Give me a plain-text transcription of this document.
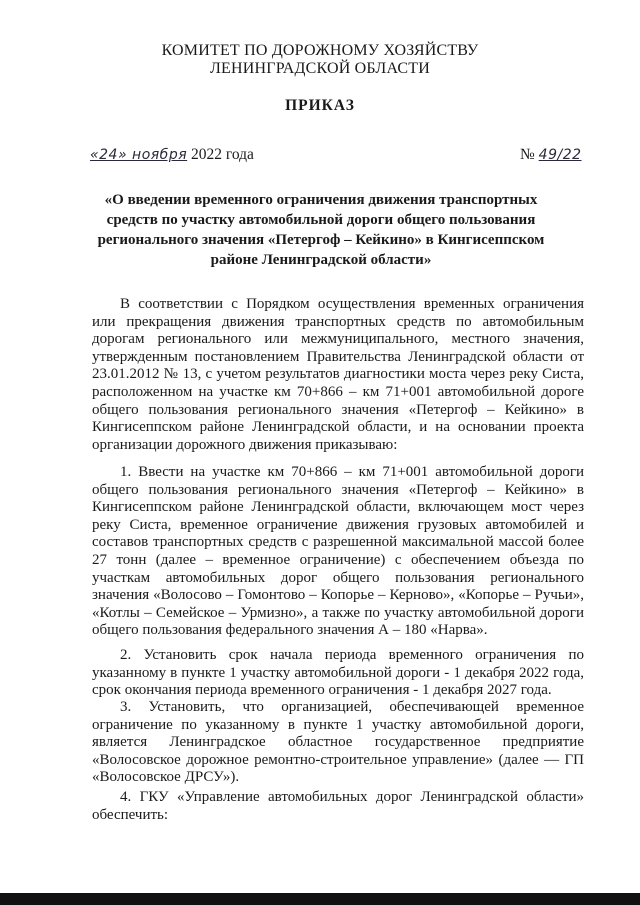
КОМИТЕТ ПО ДОРОЖНОМУ ХОЗЯЙСТВУ
ЛЕНИНГРАДСКОЙ ОБЛАСТИ
ПРИКАЗ
«24» ноября 2022 года	№ 49/22
«О введении временного ограничения движения транспортных средств по участку автомобильной дороги общего пользования регионального значения «Петергоф – Кейкино» в Кингисеппском районе Ленинградской области»
В соответствии с Порядком осуществления временных ограничения или прекращения движения транспортных средств по автомобильным дорогам регионального или межмуниципального, местного значения, утвержденным постановлением Правительства Ленинградской области от 23.01.2012 № 13, с учетом результатов диагностики моста через реку Систа, расположенном на участке км 70+866 – км 71+001 автомобильной дороге общего пользования регионального значения «Петергоф – Кейкино» в Кингисеппском районе Ленинградской области, и на основании проекта организации дорожного движения приказываю:
1. Ввести на участке км 70+866 – км 71+001 автомобильной дороги общего пользования регионального значения «Петергоф – Кейкино» в Кингисеппском районе Ленинградской области, включающем мост через реку Систа, временное ограничение движения грузовых автомобилей и составов транспортных средств с разрешенной максимальной массой более 27 тонн (далее – временное ограничение) с обеспечением объезда по участкам автомобильных дорог общего пользования регионального значения «Волосово – Гомонтово – Копорье – Керново», «Копорье – Ручьи», «Котлы – Семейское – Урмизно», а также по участку автомобильной дороги общего пользования федерального значения А – 180 «Нарва».
2. Установить срок начала периода временного ограничения по указанному в пункте 1 участку автомобильной дороги - 1 декабря 2022 года, срок окончания периода временного ограничения - 1 декабря 2027 года.
3. Установить, что организацией, обеспечивающей временное ограничение по указанному в пункте 1 участку автомобильной дороги, является Ленинградское областное государственное предприятие «Волосовское дорожное ремонтно-строительное управление» (далее — ГП «Волосовское ДРСУ»).
4. ГКУ «Управление автомобильных дорог Ленинградской области» обеспечить:
